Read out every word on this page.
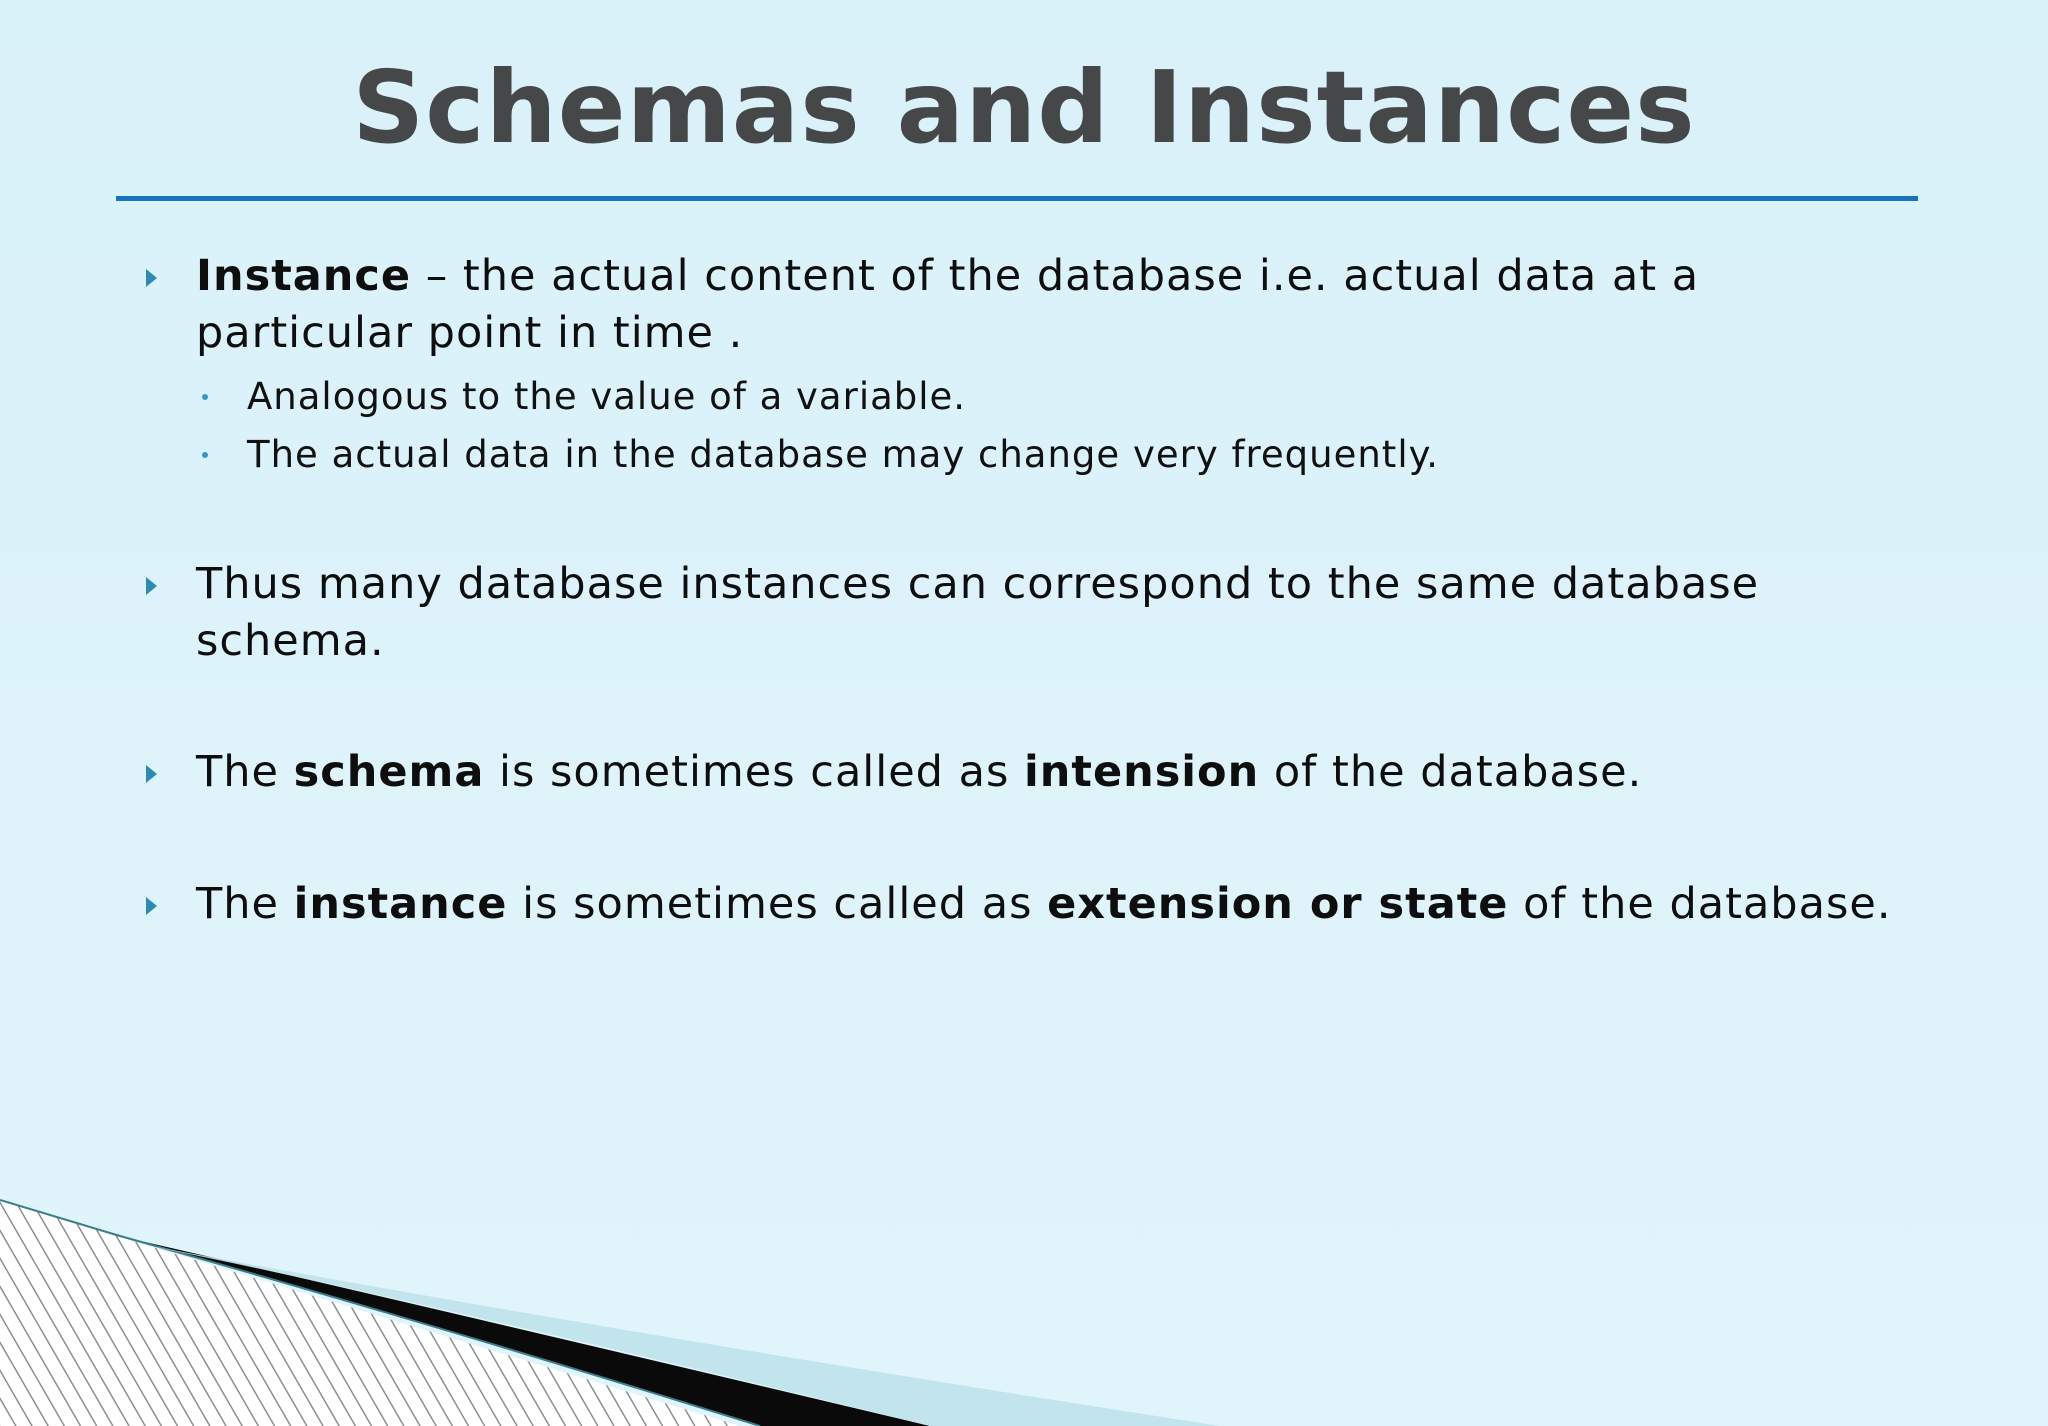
Schemas and Instances
Instance – the actual content of the database i.e. actual data at a particular point in time .
Analogous to the value of a variable.
The actual data in the database may change very frequently.
Thus many database instances can correspond to the same database schema.
The schema is sometimes called as intension of the database.
The instance is sometimes called as extension or state of the database.
